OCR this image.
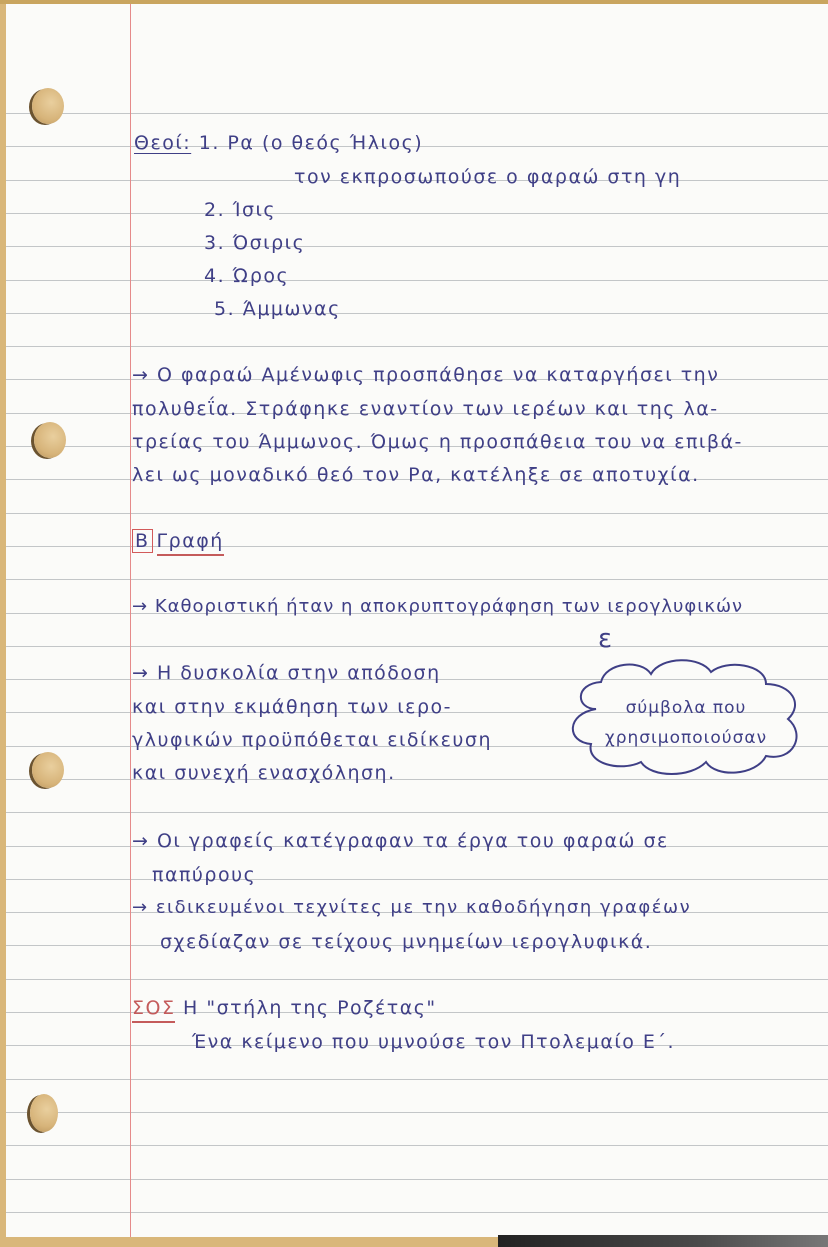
Θεοί: 1. Ρα (ο θεός Ήλιος)
τον εκπροσωπούσε ο φαραώ στη γη
2. Ίσις
3. Όσιρις
4. Ώρος
5. Άμμωνας
→ Ο φαραώ Αμένωφις προσπάθησε να καταργήσει την
πολυθεΐα. Στράφηκε εναντίον των ιερέων και της λα-
τρείας του Άμμωνος. Όμως η προσπάθεια του να επιβά-
λει ως μοναδικό θεό τον Ρα, κατέληξε σε αποτυχία.
B Γραφή
→ Καθοριστική ήταν η αποκρυπτογράφηση των ιερογλυφικών
→ Η δυσκολία στην απόδοση
και στην εκμάθηση των ιερο-
γλυφικών προϋπόθεται ειδίκευση
και συνεχή ενασχόληση.
ε
σύμβολα που
χρησιμοποιούσαν
→ Οι γραφείς κατέγραφαν τα έργα του φαραώ σε
παπύρους
→ ειδικευμένοι τεχνίτες με την καθοδήγηση γραφέων
σχεδίαζαν σε τείχους μνημείων ιερογλυφικά.
ΣΟΣ Η "στήλη της Ροζέτας"
Ένα κείμενο που υμνούσε τον Πτολεμαίο Ε΄.
